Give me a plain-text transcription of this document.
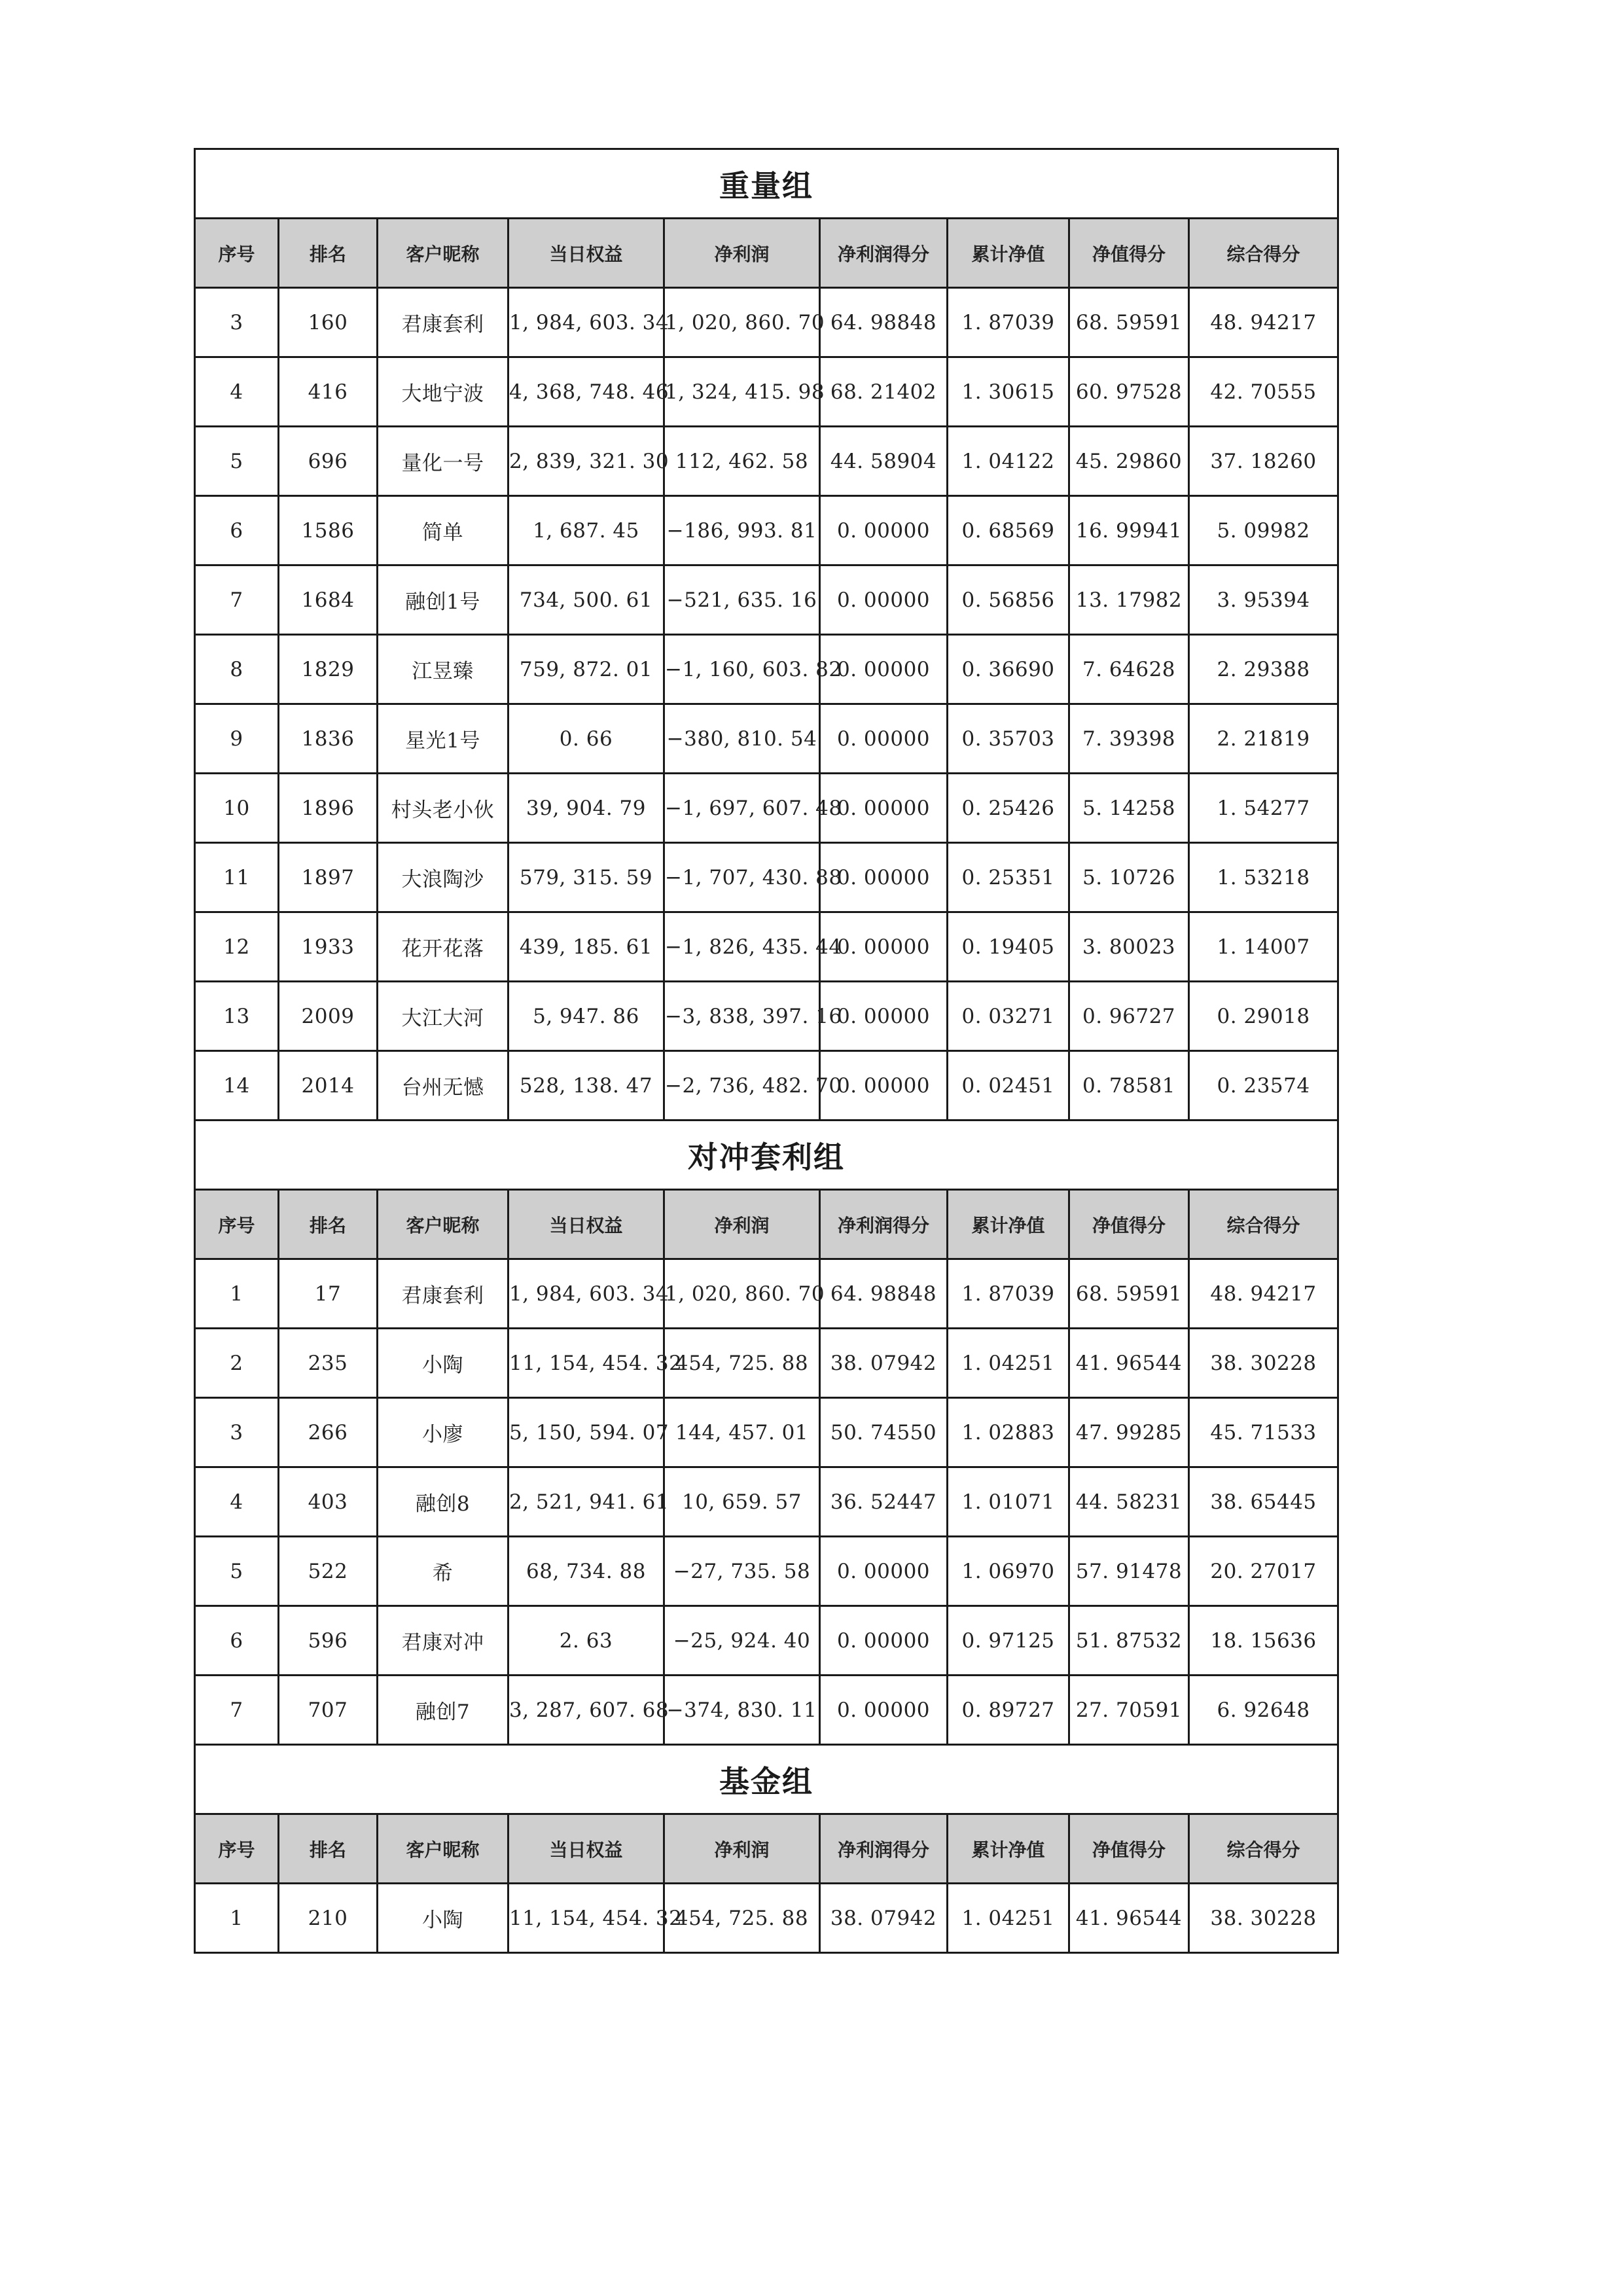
重量组								
序号	排名	客户昵称	当日权益	净利润	净利润得分	累计净值	净值得分	综合得分
3	160	君康套利	1, 984, 603. 34	1, 020, 860. 70	64. 98848	1. 87039	68. 59591	48. 94217
4	416	大地宁波	4, 368, 748. 46	1, 324, 415. 98	68. 21402	1. 30615	60. 97528	42. 70555
5	696	量化一号	2, 839, 321. 30	112, 462. 58	44. 58904	1. 04122	45. 29860	37. 18260
6	1586	简单	1, 687. 45	−186, 993. 81	0. 00000	0. 68569	16. 99941	5. 09982
7	1684	融创1号	734, 500. 61	−521, 635. 16	0. 00000	0. 56856	13. 17982	3. 95394
8	1829	江昱臻	759, 872. 01	−1, 160, 603. 82	0. 00000	0. 36690	7. 64628	2. 29388
9	1836	星光1号	0. 66	−380, 810. 54	0. 00000	0. 35703	7. 39398	2. 21819
10	1896	村头老小伙	39, 904. 79	−1, 697, 607. 48	0. 00000	0. 25426	5. 14258	1. 54277
11	1897	大浪陶沙	579, 315. 59	−1, 707, 430. 88	0. 00000	0. 25351	5. 10726	1. 53218
12	1933	花开花落	439, 185. 61	−1, 826, 435. 44	0. 00000	0. 19405	3. 80023	1. 14007
13	2009	大江大河	5, 947. 86	−3, 838, 397. 16	0. 00000	0. 03271	0. 96727	0. 29018
14	2014	台州无憾	528, 138. 47	−2, 736, 482. 70	0. 00000	0. 02451	0. 78581	0. 23574
对冲套利组								
序号	排名	客户昵称	当日权益	净利润	净利润得分	累计净值	净值得分	综合得分
1	17	君康套利	1, 984, 603. 34	1, 020, 860. 70	64. 98848	1. 87039	68. 59591	48. 94217
2	235	小陶	11, 154, 454. 32	454, 725. 88	38. 07942	1. 04251	41. 96544	38. 30228
3	266	小廖	5, 150, 594. 07	144, 457. 01	50. 74550	1. 02883	47. 99285	45. 71533
4	403	融创8	2, 521, 941. 61	10, 659. 57	36. 52447	1. 01071	44. 58231	38. 65445
5	522	希	68, 734. 88	−27, 735. 58	0. 00000	1. 06970	57. 91478	20. 27017
6	596	君康对冲	2. 63	−25, 924. 40	0. 00000	0. 97125	51. 87532	18. 15636
7	707	融创7	3, 287, 607. 68	−374, 830. 11	0. 00000	0. 89727	27. 70591	6. 92648
基金组								
序号	排名	客户昵称	当日权益	净利润	净利润得分	累计净值	净值得分	综合得分
1	210	小陶	11, 154, 454. 32	454, 725. 88	38. 07942	1. 04251	41. 96544	38. 30228
